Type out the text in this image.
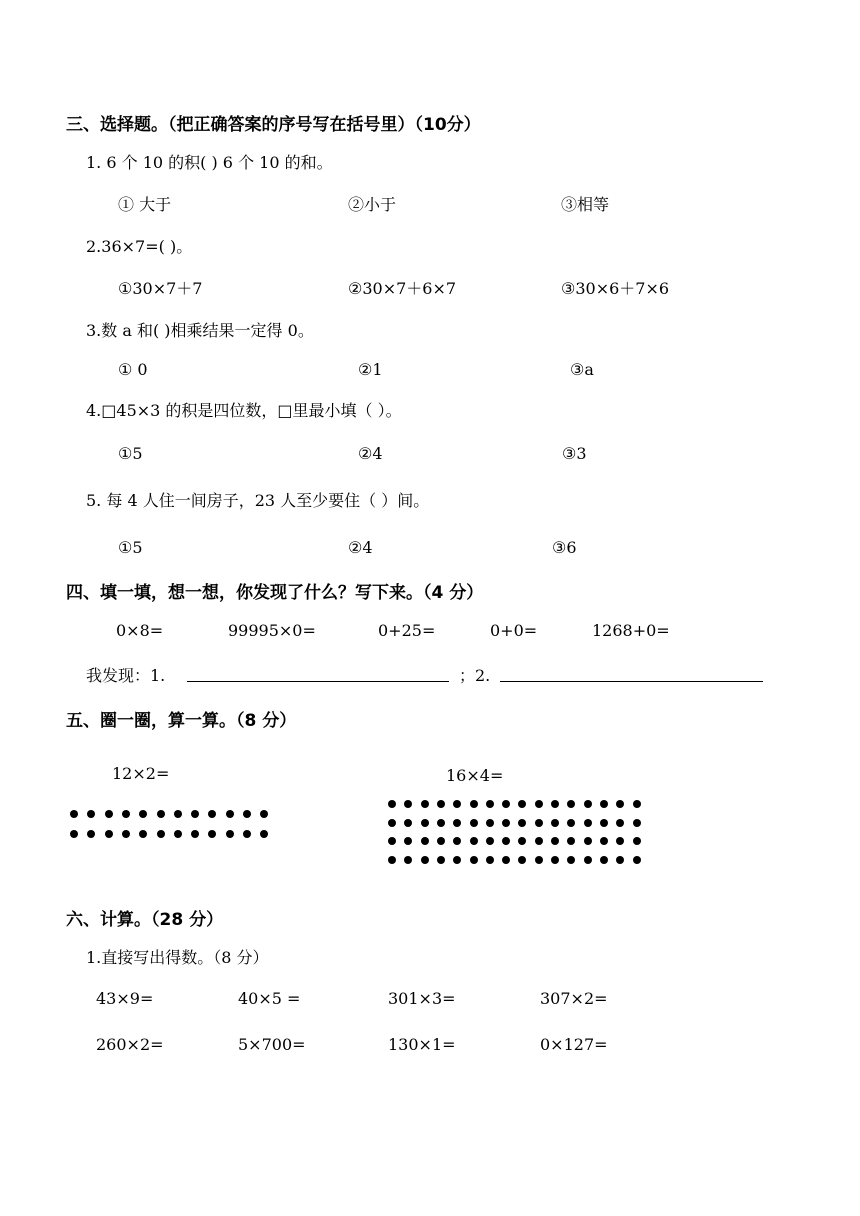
三、选择题。（把正确答案的序号写在括号里）（10分）
1. 6 个 10 的积( ) 6 个 10 的和。
① 大于	②小于	③相等
2.36×7=( )。
①30×7＋7	②30×7＋6×7	③30×6＋7×6
3.数 a 和( )相乘结果一定得 0。
① 0	②1	③a
4.□45×3 的积是四位数，□里最小填（ ）。
①5	②4	③3
5. 每 4 人住一间房子，23 人至少要住（ ）间。
①5	②4	③6
四、填一填，想一想，你发现了什么？写下来。（4 分）
0×8=	99995×0=	0+25=	0+0=	1268+0=
我发现：1.	；2.
五、圈一圈，算一算。（8 分）
12×2=	16×4=
六、计算。（28 分）
1.直接写出得数。（8 分）
43×9=	40×5 =	301×3=	307×2=
260×2=	5×700=	130×1=	0×127=
